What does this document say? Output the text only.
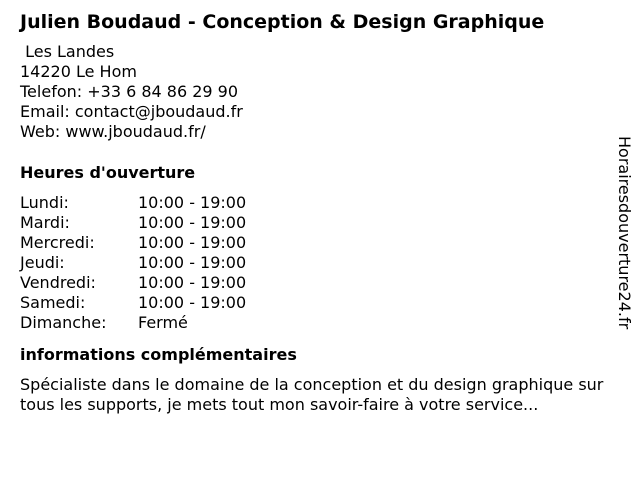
Julien Boudaud - Conception & Design Graphique
Les Landes
14220 Le Hom
Telefon: +33 6 84 86 29 90
Email: contact@jboudaud.fr
Web: www.jboudaud.fr/
Heures d'ouverture
Lundi:	10:00 - 19:00
Mardi:	10:00 - 19:00
Mercredi:	10:00 - 19:00
Jeudi:	10:00 - 19:00
Vendredi:	10:00 - 19:00
Samedi:	10:00 - 19:00
Dimanche:	Fermé
informations complémentaires

Spécialiste dans le domaine de la conception et du design graphique sur tous les supports, je mets tout mon savoir-faire à votre service...

Horairesdouverture24.fr
